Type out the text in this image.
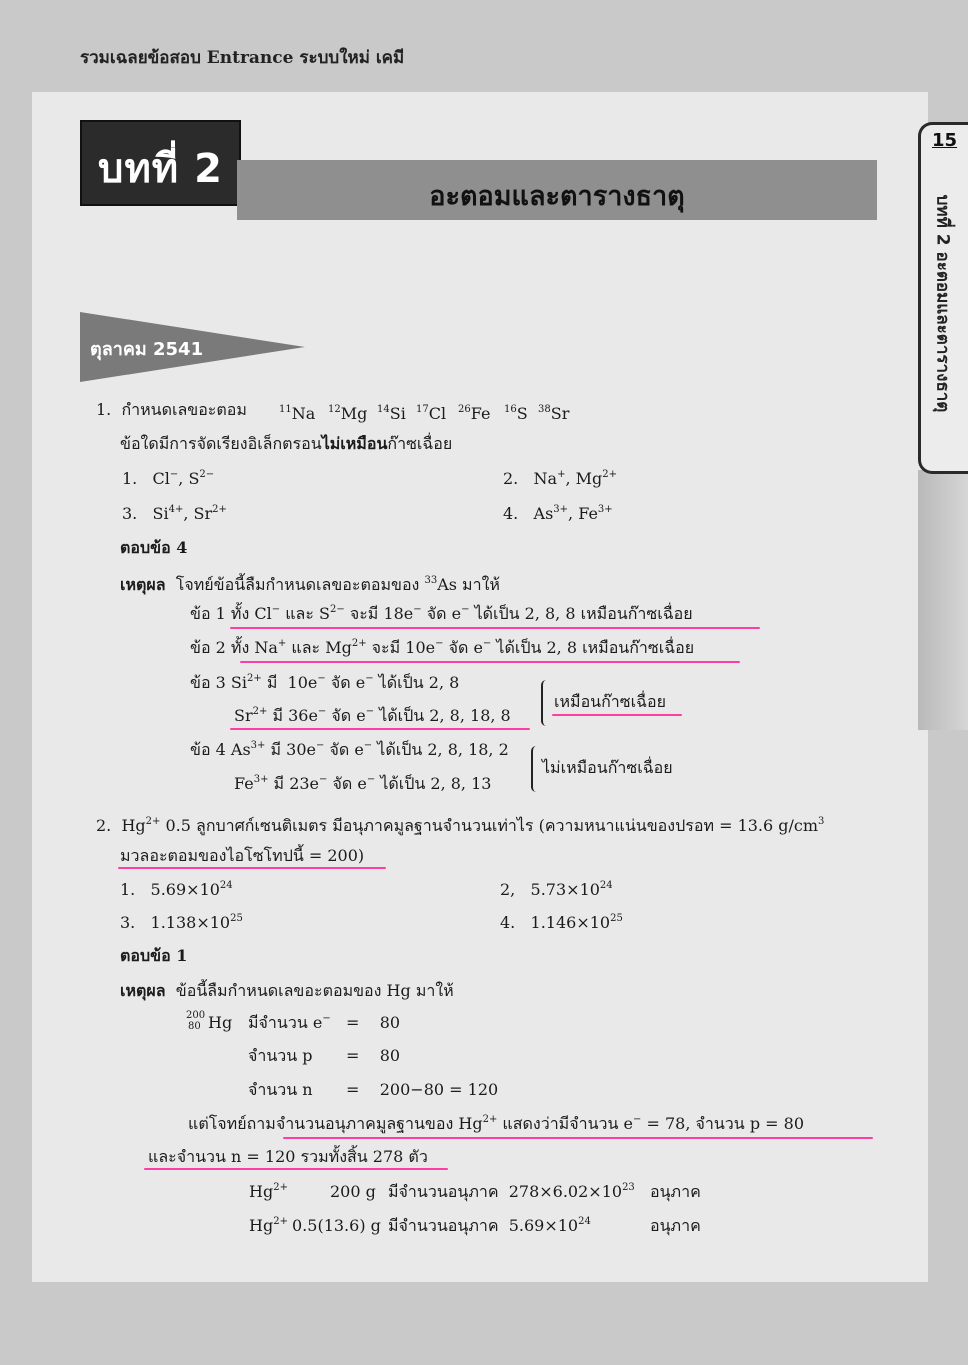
รวมเฉลยข้อสอบ Entrance ระบบใหม่ เคมี
15
บทที่ 2 อะตอมและตารางธาตุ
บทที่ 2
อะตอมและตารางธาตุ
ตุลาคม 2541
1. กำหนดเลขอะตอม	$^{11}$Na $^{12}$Mg $^{14}$Si $^{17}$Cl $^{26}$Fe $^{16}$S $^{38}$Sr
ข้อใดมีการจัดเรียงอิเล็กตรอนไม่เหมือนก๊าซเฉื่อย
1. Cl−, $S^{2-}$	2. Na+, $Mg^{2+}$
3. $Si^{4+}$, $Sr^{2+}$	4. $As^{3+}$, $Fe^{3+}$
ตอบข้อ 4
เหตุผล โจทย์ข้อนี้ลืมกำหนดเลขอะตอมของ $^{33}$As มาให้
ข้อ 1 ทั้ง Cl− และ $S^{2-}$ จะมี 18e− จัด e− ได้เป็น 2, 8, 8 เหมือนก๊าซเฉื่อย
ข้อ 2 ทั้ง Na+ และ $Mg^{2+}$ จะมี 10e− จัด e− ได้เป็น 2, 8 เหมือนก๊าซเฉื่อย
ข้อ 3 $Si^{2+}$ มี 10e− จัด e− ได้เป็น 2, 8
$Sr^{2+}$ มี 36e− จัด e− ได้เป็น 2, 8, 18, 8
เหมือนก๊าซเฉื่อย
ข้อ 4 $As^{3+}$ มี 30e− จัด e− ได้เป็น 2, 8, 18, 2
$Fe^{3+}$ มี 23e− จัด e− ได้เป็น 2, 8, 13
ไม่เหมือนก๊าซเฉื่อย
2. $Hg^{2+}$ 0.5 ลูกบาศก์เซนติเมตร มีอนุภาคมูลฐานจำนวนเท่าไร (ความหนาแน่นของปรอท = 13.6 $g/cm^3$
มวลอะตอมของไอโซโทปนี้ = 200)
1. $5.69\times 10^{24}$	2, $5.73\times 10^{24}$
3. $1.138\times 10^{25}$	4. $1.146\times 10^{25}$
ตอบข้อ 1
เหตุผล ข้อนี้ลืมกำหนดเลขอะตอมของ Hg มาให้
200
80 Hg มีจำนวน e− = 80
จำนวน p = 80
จำนวน n = 200−80 = 120
แต่โจทย์ถามจำนวนอนุภาคมูลฐานของ $Hg^{2+}$ แสดงว่ามีจำนวน e− = 78, จำนวน p = 80
และจำนวน n = 120 รวมทั้งสิ้น 278 ตัว
$Hg^{2+}$	200 g มีจำนวนอนุภาค $278\times 6.02\times 10^{23}$ อนุภาค
$Hg^{2+}$ 0.5(13.6) g มีจำนวนอนุภาค $5.69\times 10^{24}$	อนุภาค
